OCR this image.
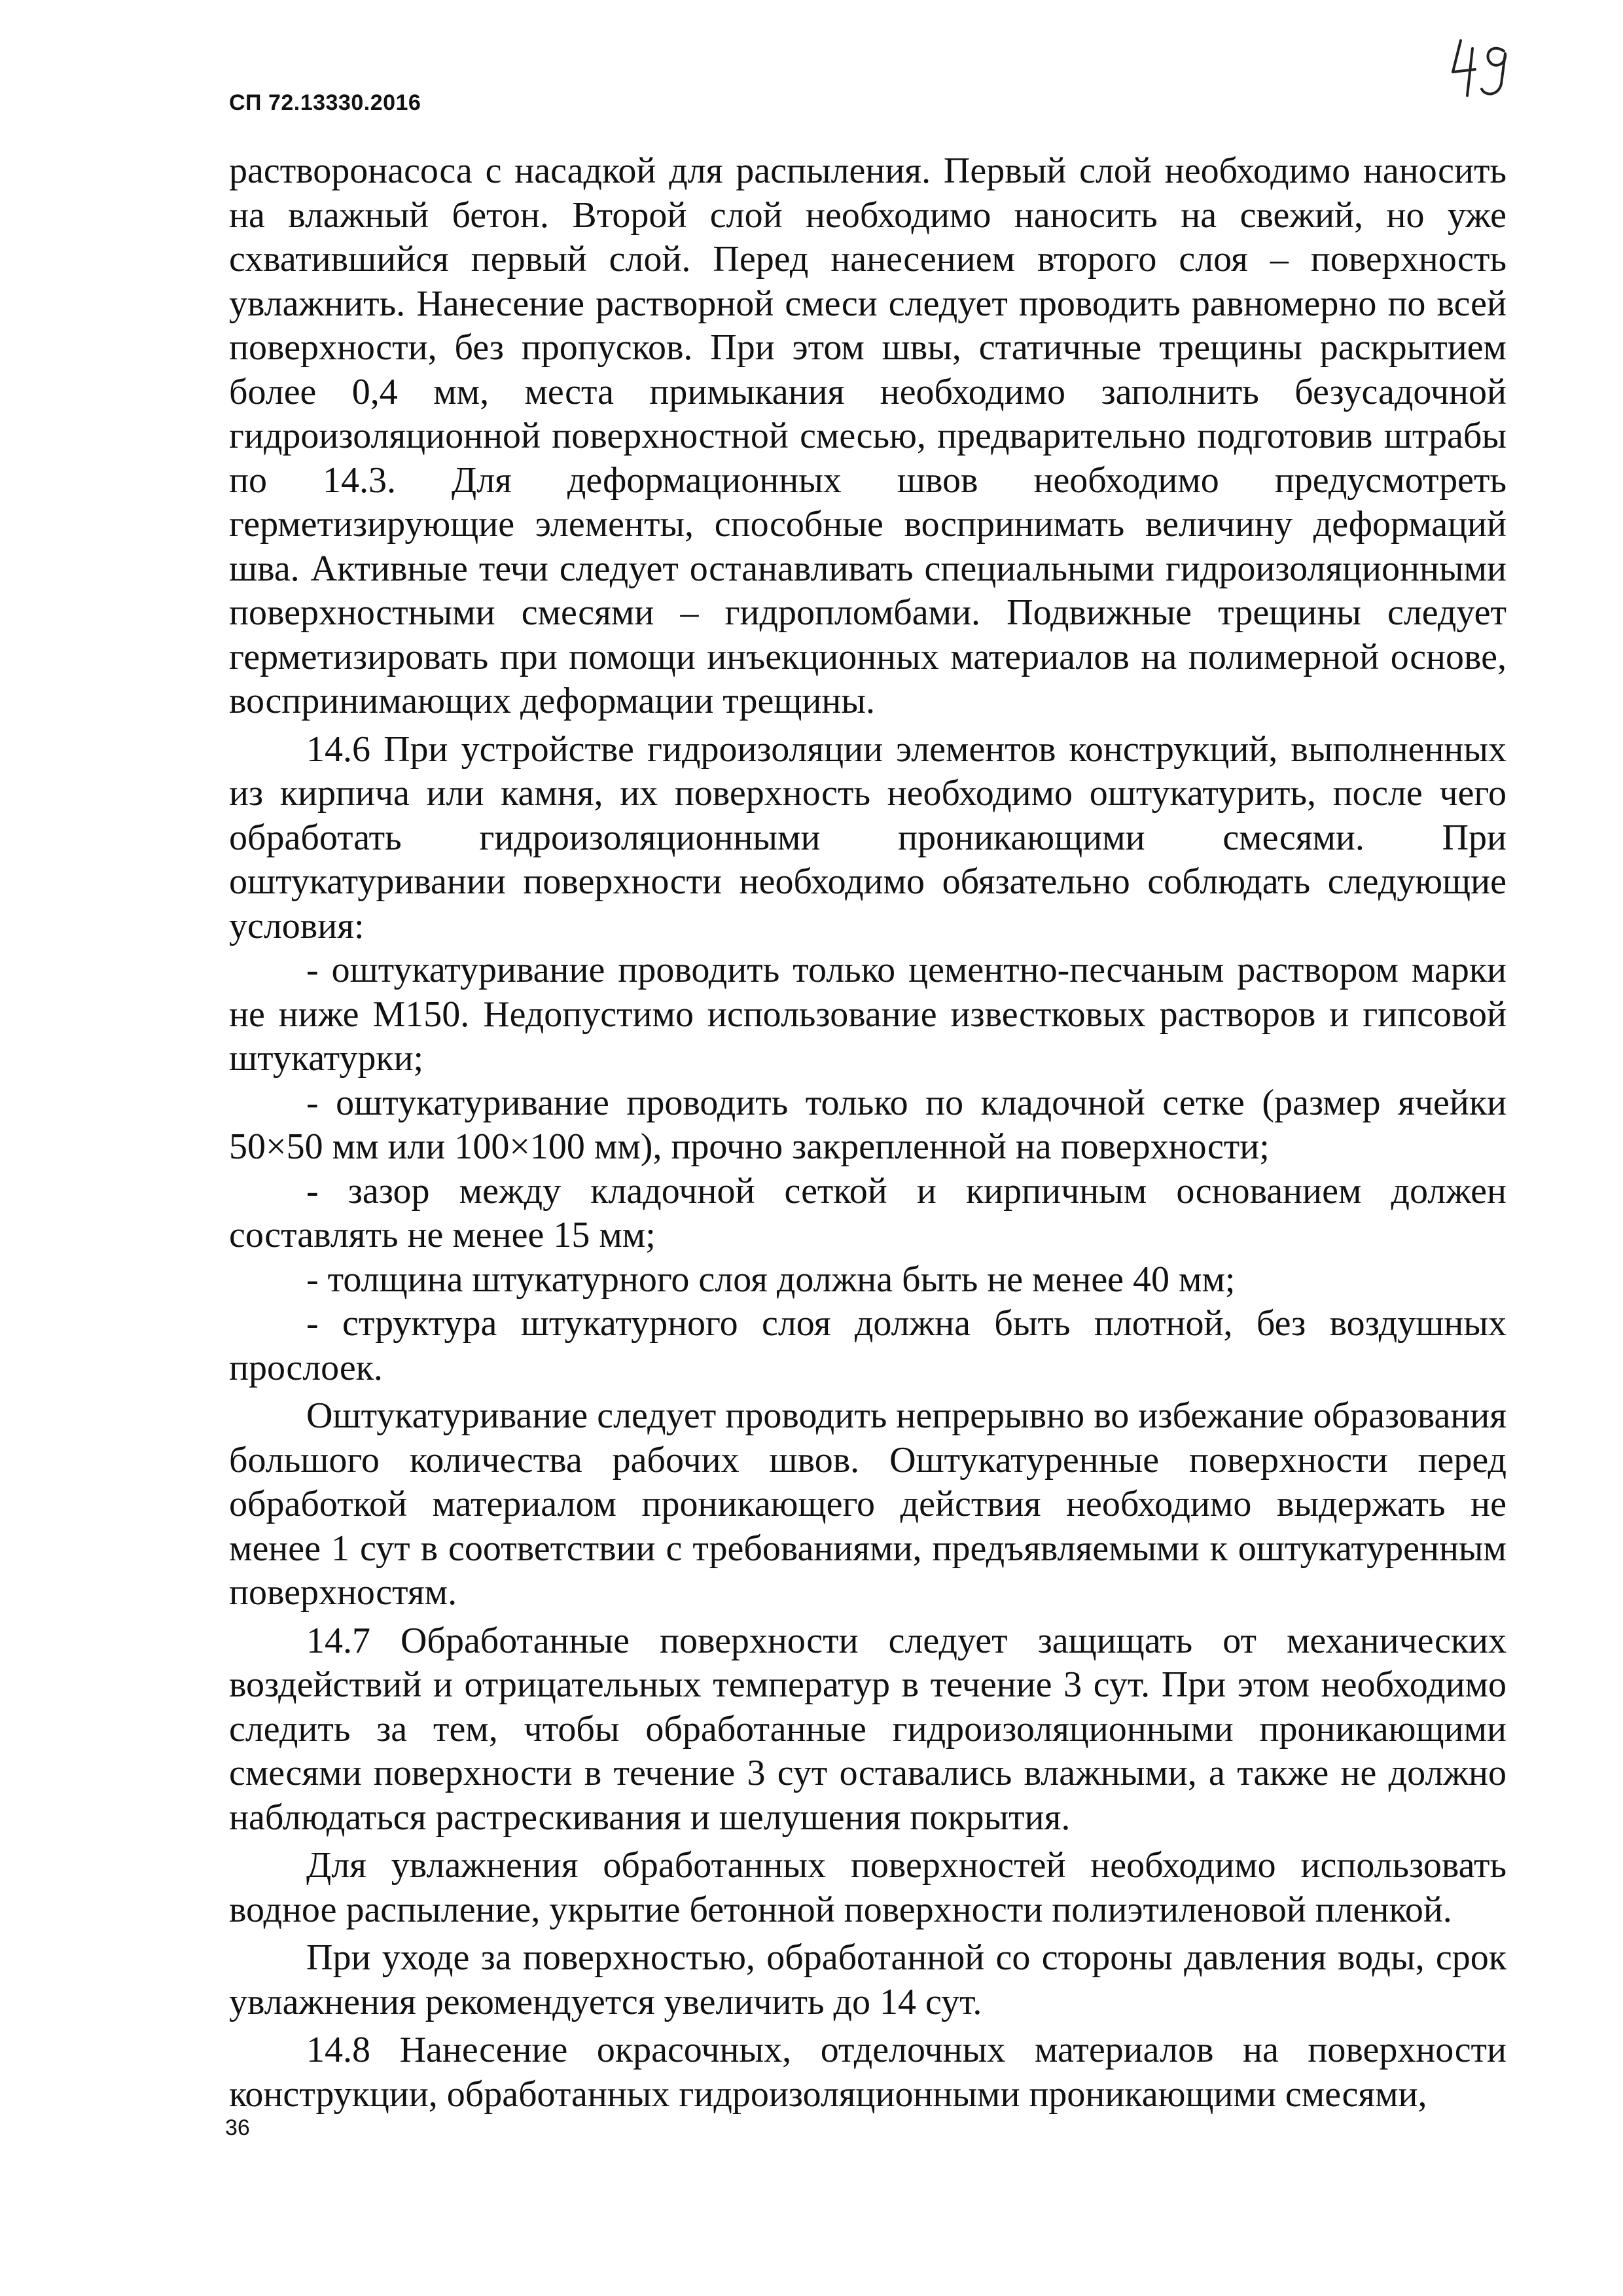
СП 72.13330.2016

растворонасоса с насадкой для распыления. Первый слой необходимо наносить на влажный бетон. Второй слой необходимо наносить на свежий, но уже схватившийся первый слой. Перед нанесением второго слоя – поверхность увлажнить. Нанесение растворной смеси следует проводить равномерно по всей поверхности, без пропусков. При этом швы, статичные трещины раскрытием более 0,4 мм, места примыкания необходимо заполнить безусадочной гидроизоляционной поверхностной смесью, предварительно подготовив штрабы по 14.3. Для деформационных швов необходимо предусмотреть герметизирующие элементы, способные воспринимать величину деформаций шва. Активные течи следует останавливать специальными гидроизоляционными поверхностными смесями – гидропломбами. Подвижные трещины следует герметизировать при помощи инъекционных материалов на полимерной основе, воспринимающих деформации трещины.

14.6 При устройстве гидроизоляции элементов конструкций, выполненных из кирпича или камня, их поверхность необходимо оштукатурить, после чего обработать гидроизоляционными проникающими смесями. При оштукатуривании поверхности необходимо обязательно соблюдать следующие условия:

- оштукатуривание проводить только цементно-песчаным раствором марки не ниже М150. Недопустимо использование известковых растворов и гипсовой штукатурки;

- оштукатуривание проводить только по кладочной сетке (размер ячейки 50×50 мм или 100×100 мм), прочно закрепленной на поверхности;

- зазор между кладочной сеткой и кирпичным основанием должен составлять не менее 15 мм;

- толщина штукатурного слоя должна быть не менее 40 мм;

- структура штукатурного слоя должна быть плотной, без воздушных прослоек.

Оштукатуривание следует проводить непрерывно во избежание образования большого количества рабочих швов. Оштукатуренные поверхности перед обработкой материалом проникающего действия необходимо выдержать не менее 1 сут в соответствии с требованиями, предъявляемыми к оштукатуренным поверхностям.

14.7 Обработанные поверхности следует защищать от механических воздействий и отрицательных температур в течение 3 сут. При этом необходимо следить за тем, чтобы обработанные гидроизоляционными проникающими смесями поверхности в течение 3 сут оставались влажными, а также не должно наблюдаться растрескивания и шелушения покрытия.

Для увлажнения обработанных поверхностей необходимо использовать водное распыление, укрытие бетонной поверхности полиэтиленовой пленкой.

При уходе за поверхностью, обработанной со стороны давления воды, срок увлажнения рекомендуется увеличить до 14 сут.

14.8 Нанесение окрасочных, отделочных материалов на поверхности конструкции, обработанных гидроизоляционными проникающими смесями,

36
